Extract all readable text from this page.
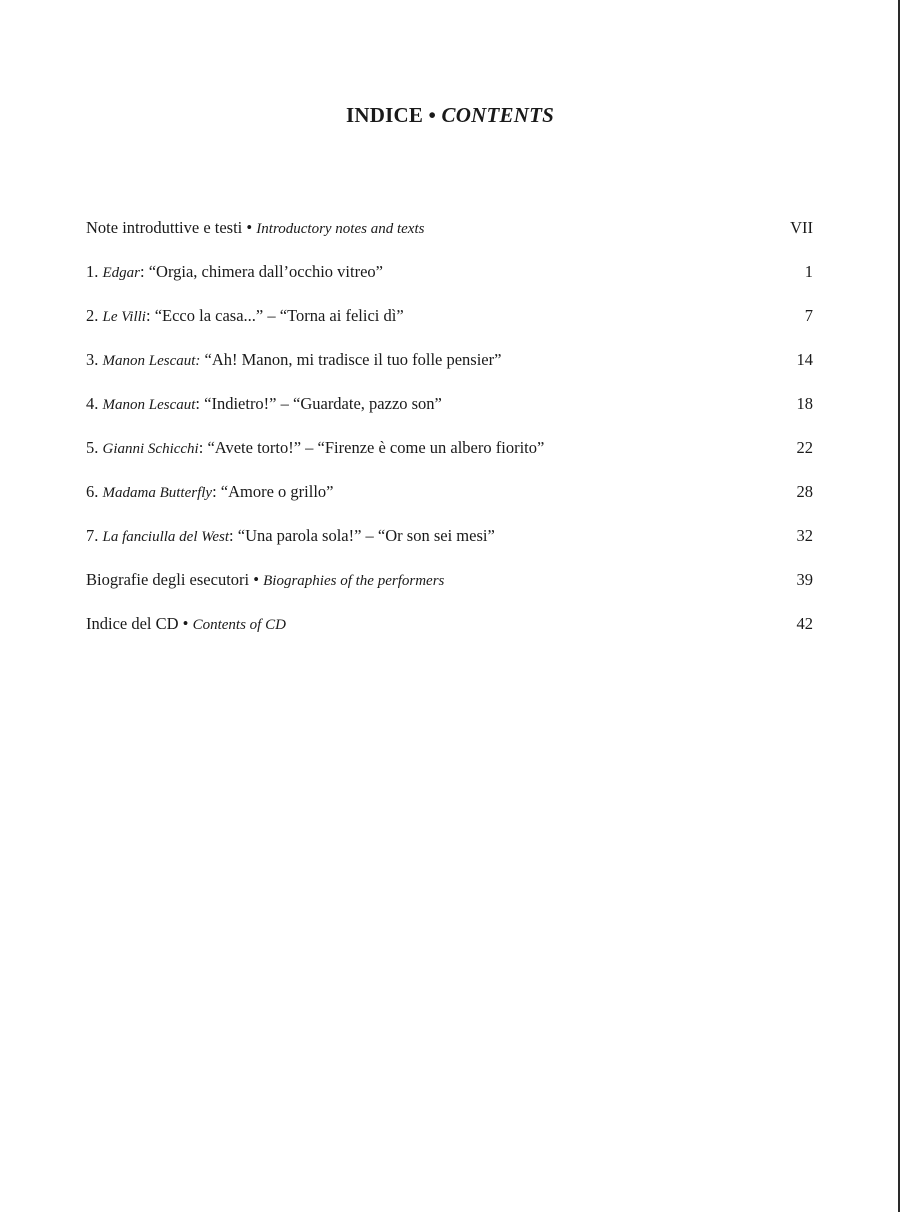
INDICE • CONTENTS
Note introduttive e testi • Introductory notes and texts	VII
1. Edgar: “Orgia, chimera dall’occhio vitreo”	1
2. Le Villi: “Ecco la casa...” – “Torna ai felici dì”	7
3. Manon Lescaut: “Ah! Manon, mi tradisce il tuo folle pensier”	14
4. Manon Lescaut: “Indietro!” – “Guardate, pazzo son”	18
5. Gianni Schicchi: “Avete torto!” – “Firenze è come un albero fiorito”	22
6. Madama Butterfly: “Amore o grillo”	28
7. La fanciulla del West: “Una parola sola!” – “Or son sei mesi”	32
Biografie degli esecutori • Biographies of the performers	39
Indice del CD • Contents of CD	42
